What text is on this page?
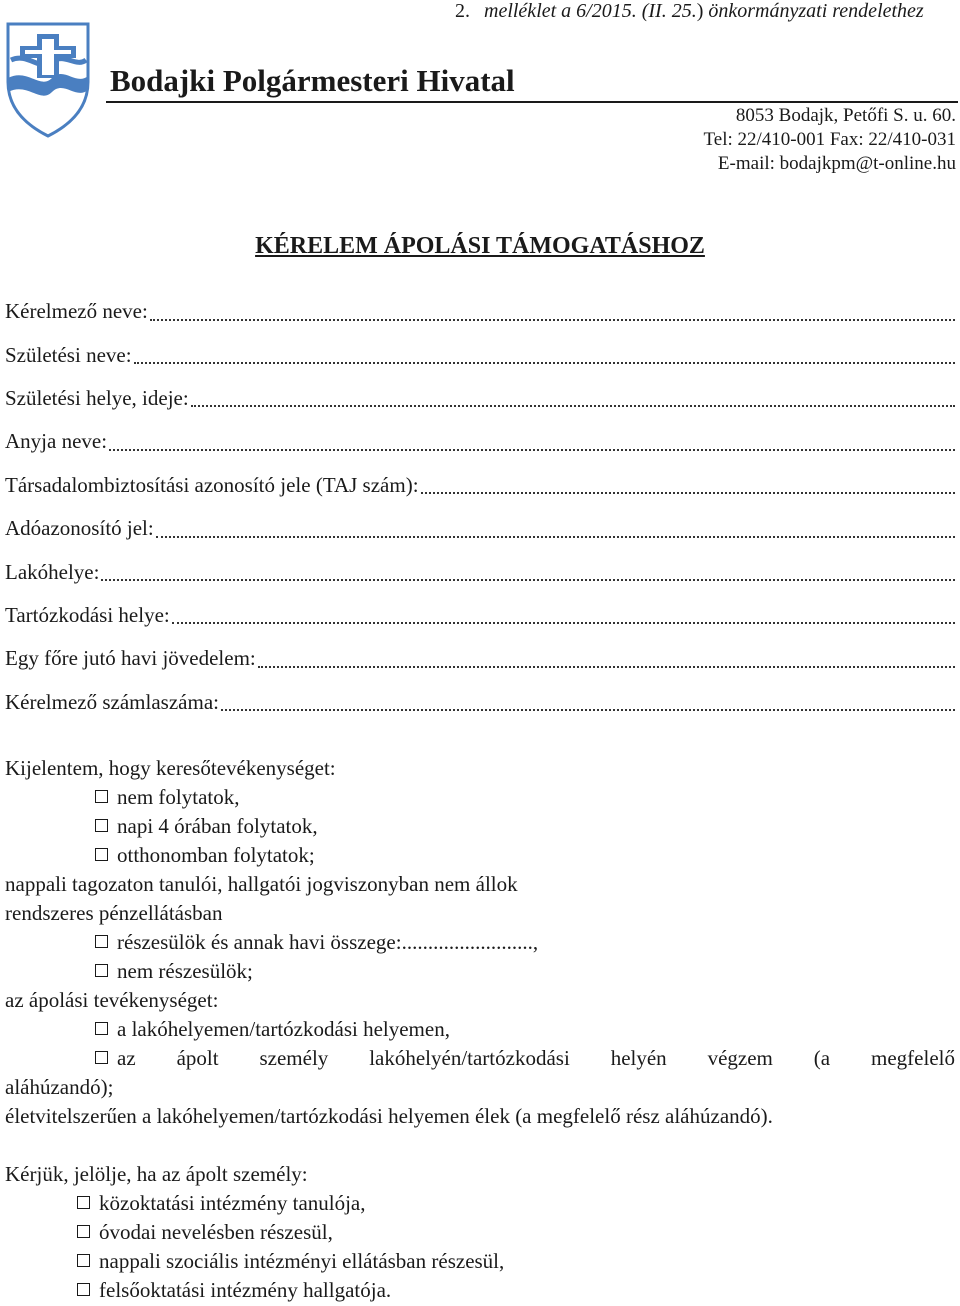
2. melléklet a 6/2015. (II. 25.) önkormányzati rendelethez
Bodajki Polgármesteri Hivatal
8053 Bodajk, Petőfi S. u. 60.
Tel: 22/410-001 Fax: 22/410-031
E-mail: bodajkpm@t-online.hu
KÉRELEM ÁPOLÁSI TÁMOGATÁSHOZ
Kérelmező neve:
Születési neve:
Születési helye, ideje:
Anyja neve:
Társadalombiztosítási azonosító jele (TAJ szám):
Adóazonosító jel:
Lakóhelye:
Tartózkodási helye:
Egy főre jutó havi jövedelem:
Kérelmező számlaszáma:
Kijelentem, hogy keresőtevékenységet:
nem folytatok,
napi 4 órában folytatok,
otthonomban folytatok;
nappali tagozaton tanulói, hallgatói jogviszonyban nem állok
rendszeres pénzellátásban
részesülök és annak havi összege:.........................,
nem részesülök;
az ápolási tevékenységet:
a lakóhelyemen/tartózkodási helyemen,
az ápolt személy lakóhelyén/tartózkodási helyén végzem (a megfelelő
aláhúzandó);
életvitelszerűen a lakóhelyemen/tartózkodási helyemen élek (a megfelelő rész aláhúzandó).
Kérjük, jelölje, ha az ápolt személy:
közoktatási intézmény tanulója,
óvodai nevelésben részesül,
nappali szociális intézményi ellátásban részesül,
felsőoktatási intézmény hallgatója.
